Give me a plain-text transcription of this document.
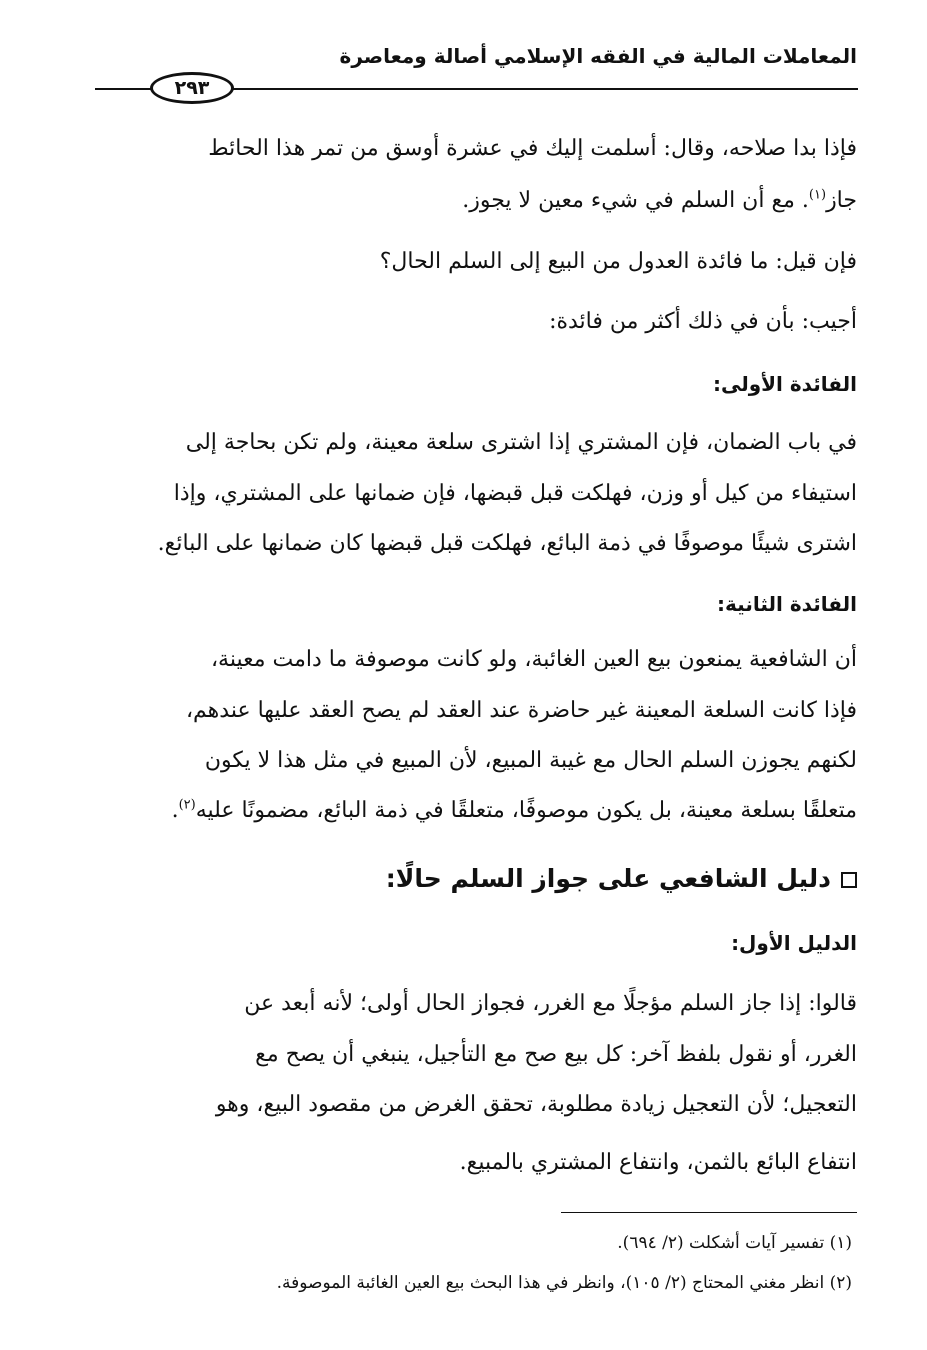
المعاملات المالية في الفقه الإسلامي أصالة ومعاصرة
٢٩٣
فإذا بدا صلاحه، وقال: أسلمت إليك في عشرة أوسق من تمر هذا الحائط
جاز$^{(١)}$. مع أن السلم في شيء معين لا يجوز.
فإن قيل: ما فائدة العدول من البيع إلى السلم الحال؟
أجيب: بأن في ذلك أكثر من فائدة:
الفائدة الأولى:
في باب الضمان، فإن المشتري إذا اشترى سلعة معينة، ولم تكن بحاجة إلى
استيفاء من كيل أو وزن، فهلكت قبل قبضها، فإن ضمانها على المشتري، وإذا
اشترى شيئًا موصوفًا في ذمة البائع، فهلكت قبل قبضها كان ضمانها على البائع.
الفائدة الثانية:
أن الشافعية يمنعون بيع العين الغائبة، ولو كانت موصوفة ما دامت معينة،
فإذا كانت السلعة المعينة غير حاضرة عند العقد لم يصح العقد عليها عندهم،
لكنهم يجوزن السلم الحال مع غيبة المبيع، لأن المبيع في مثل هذا لا يكون
متعلقًا بسلعة معينة، بل يكون موصوفًا، متعلقًا في ذمة البائع، مضمونًا عليه$^{(٢)}$.
دليل الشافعي على جواز السلم حالًا:
الدليل الأول:
قالوا: إذا جاز السلم مؤجلًا مع الغرر، فجواز الحال أولى؛ لأنه أبعد عن
الغرر، أو نقول بلفظ آخر: كل بيع صح مع التأجيل، ينبغي أن يصح مع
التعجيل؛ لأن التعجيل زيادة مطلوبة، تحقق الغرض من مقصود البيع، وهو
انتفاع البائع بالثمن، وانتفاع المشتري بالمبيع.
(١) تفسير آيات أشكلت (٢/ ٦٩٤).
(٢) انظر مغني المحتاج (٢/ ١٠٥)، وانظر في هذا البحث بيع العين الغائبة الموصوفة.
